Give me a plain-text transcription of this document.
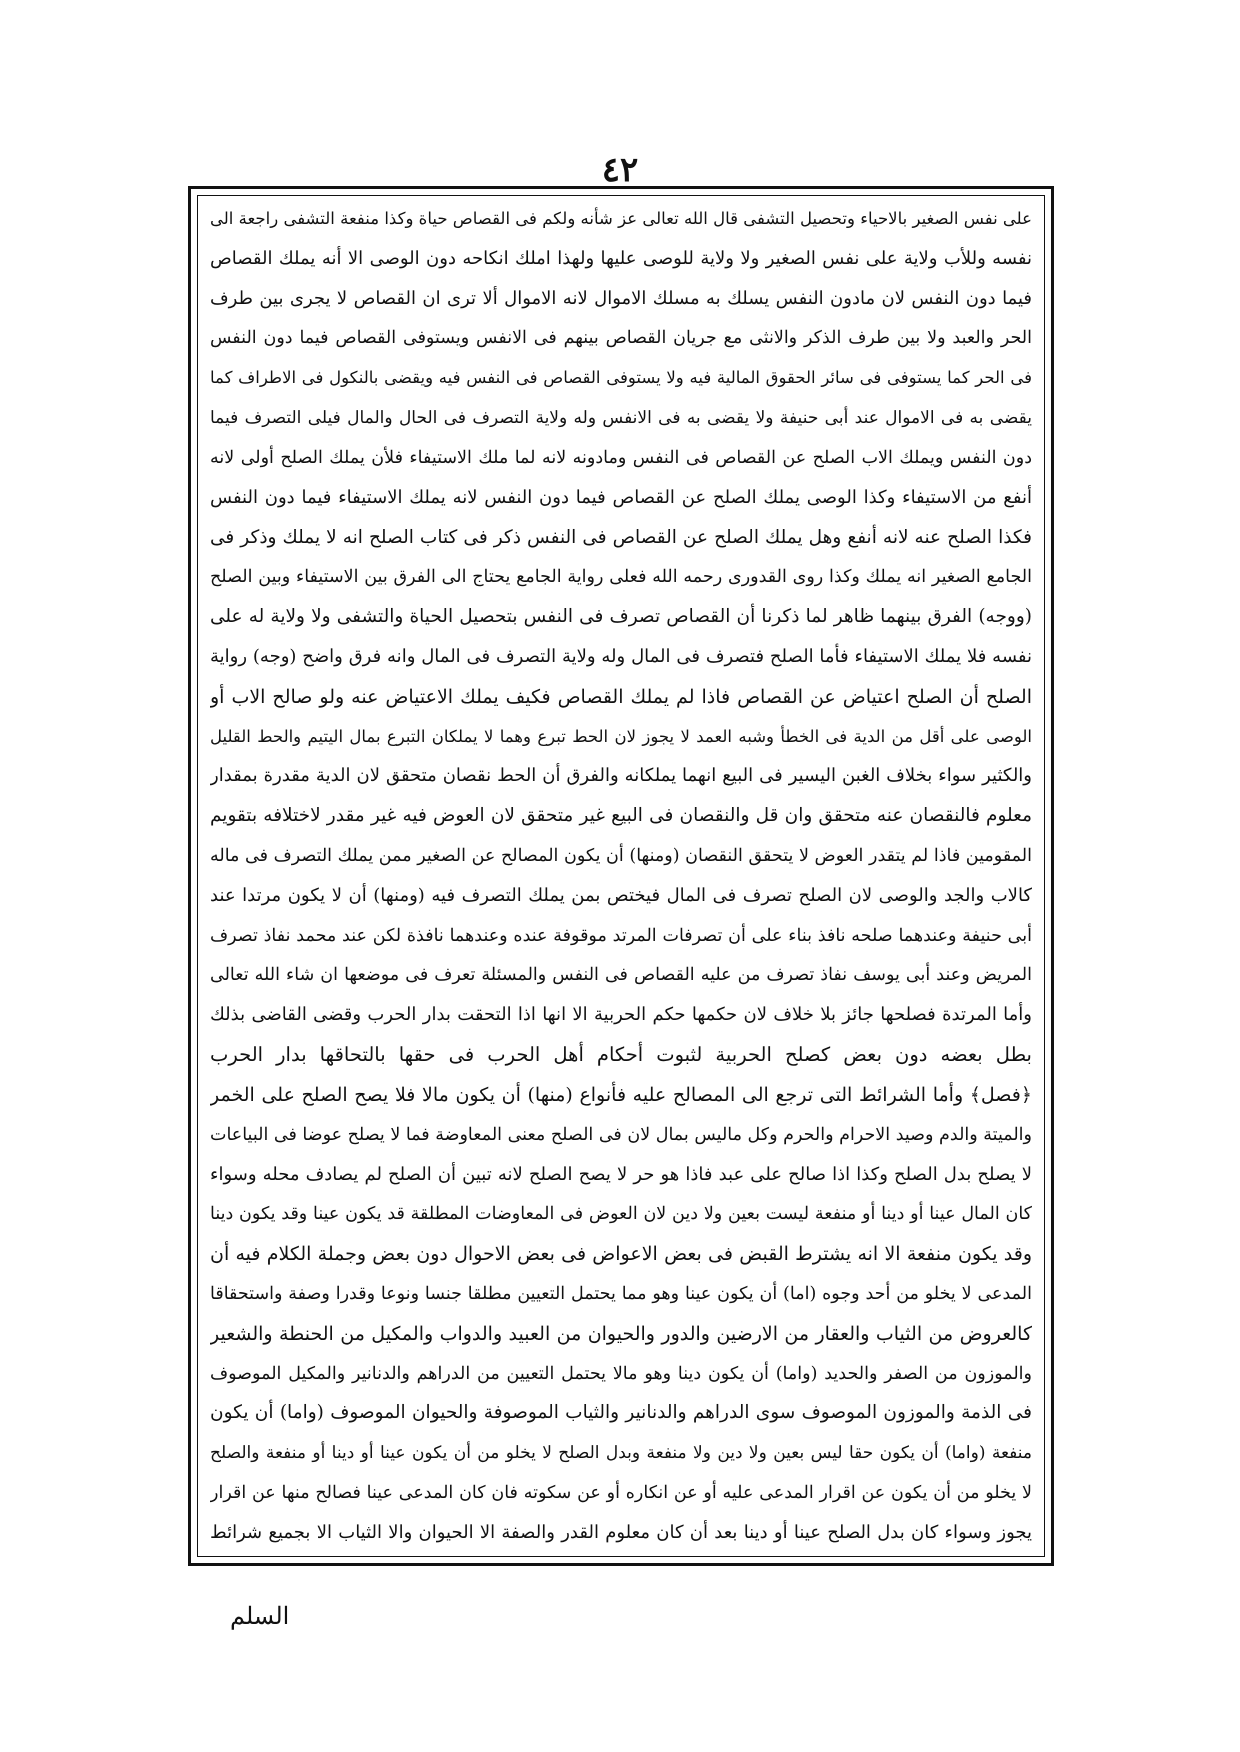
٤٢
على نفس الصغير بالاحياء وتحصيل التشفى قال الله تعالى عز شأنه ولكم فى القصاص حياة وكذا منفعة التشفى راجعة الى
نفسه وللأب ولاية على نفس الصغير ولا ولاية للوصى عليها ولهذا املك انكاحه دون الوصى الا أنه يملك القصاص
فيما دون النفس لان مادون النفس يسلك به مسلك الاموال لانه الاموال ألا ترى ان القصاص لا يجرى بين طرف
الحر والعبد ولا بين طرف الذكر والانثى مع جريان القصاص بينهم فى الانفس ويستوفى القصاص فيما دون النفس
فى الحر كما يستوفى فى سائر الحقوق المالية فيه ولا يستوفى القصاص فى النفس فيه ويقضى بالنكول فى الاطراف كما
يقضى به فى الاموال عند أبى حنيفة ولا يقضى به فى الانفس وله ولاية التصرف فى الحال والمال فيلى التصرف فيما
دون النفس ويملك الاب الصلح عن القصاص فى النفس ومادونه لانه لما ملك الاستيفاء فلأن يملك الصلح أولى لانه
أنفع من الاستيفاء وكذا الوصى يملك الصلح عن القصاص فيما دون النفس لانه يملك الاستيفاء فيما دون النفس
فكذا الصلح عنه لانه أنفع وهل يملك الصلح عن القصاص فى النفس ذكر فى كتاب الصلح انه لا يملك وذكر فى
الجامع الصغير انه يملك وكذا روى القدورى رحمه الله فعلى رواية الجامع يحتاج الى الفرق بين الاستيفاء وبين الصلح
(ووجه) الفرق بينهما ظاهر لما ذكرنا أن القصاص تصرف فى النفس بتحصيل الحياة والتشفى ولا ولاية له على
نفسه فلا يملك الاستيفاء فأما الصلح فتصرف فى المال وله ولاية التصرف فى المال وانه فرق واضح (وجه) رواية
الصلح أن الصلح اعتياض عن القصاص فاذا لم يملك القصاص فكيف يملك الاعتياض عنه ولو صالح الاب أو
الوصى على أقل من الدية فى الخطأ وشبه العمد لا يجوز لان الحط تبرع وهما لا يملكان التبرع بمال اليتيم والحط القليل
والكثير سواء بخلاف الغبن اليسير فى البيع انهما يملكانه والفرق أن الحط نقصان متحقق لان الدية مقدرة بمقدار
معلوم فالنقصان عنه متحقق وان قل والنقصان فى البيع غير متحقق لان العوض فيه غير مقدر لاختلافه بتقويم
المقومين فاذا لم يتقدر العوض لا يتحقق النقصان (ومنها) أن يكون المصالح عن الصغير ممن يملك التصرف فى ماله
كالاب والجد والوصى لان الصلح تصرف فى المال فيختص بمن يملك التصرف فيه (ومنها) أن لا يكون مرتدا عند
أبى حنيفة وعندهما صلحه نافذ بناء على أن تصرفات المرتد موقوفة عنده وعندهما نافذة لكن عند محمد نفاذ تصرف
المريض وعند أبى يوسف نفاذ تصرف من عليه القصاص فى النفس والمسئلة تعرف فى موضعها ان شاء الله تعالى
وأما المرتدة فصلحها جائز بلا خلاف لان حكمها حكم الحربية الا انها اذا التحقت بدار الحرب وقضى القاضى بذلك
بطل بعضه دون بعض كصلح الحربية لثبوت أحكام أهل الحرب فى حقها بالتحاقها بدار الحرب
﴿فصل﴾ وأما الشرائط التى ترجع الى المصالح عليه فأنواع (منها) أن يكون مالا فلا يصح الصلح على الخمر
والميتة والدم وصيد الاحرام والحرم وكل ماليس بمال لان فى الصلح معنى المعاوضة فما لا يصلح عوضا فى البياعات
لا يصلح بدل الصلح وكذا اذا صالح على عبد فاذا هو حر لا يصح الصلح لانه تبين أن الصلح لم يصادف محله وسواء
كان المال عينا أو دينا أو منفعة ليست بعين ولا دين لان العوض فى المعاوضات المطلقة قد يكون عينا وقد يكون دينا
وقد يكون منفعة الا انه يشترط القبض فى بعض الاعواض فى بعض الاحوال دون بعض وجملة الكلام فيه أن
المدعى لا يخلو من أحد وجوه (اما) أن يكون عينا وهو مما يحتمل التعيين مطلقا جنسا ونوعا وقدرا وصفة واستحقاقا
كالعروض من الثياب والعقار من الارضين والدور والحيوان من العبيد والدواب والمكيل من الحنطة والشعير
والموزون من الصفر والحديد (واما) أن يكون دينا وهو مالا يحتمل التعيين من الدراهم والدنانير والمكيل الموصوف
فى الذمة والموزون الموصوف سوى الدراهم والدنانير والثياب الموصوفة والحيوان الموصوف (واما) أن يكون
منفعة (واما) أن يكون حقا ليس بعين ولا دين ولا منفعة وبدل الصلح لا يخلو من أن يكون عينا أو دينا أو منفعة والصلح
لا يخلو من أن يكون عن اقرار المدعى عليه أو عن انكاره أو عن سكوته فان كان المدعى عينا فصالح منها عن اقرار
يجوز وسواء كان بدل الصلح عينا أو دينا بعد أن كان معلوم القدر والصفة الا الحيوان والا الثياب الا بجميع شرائط
السلم
